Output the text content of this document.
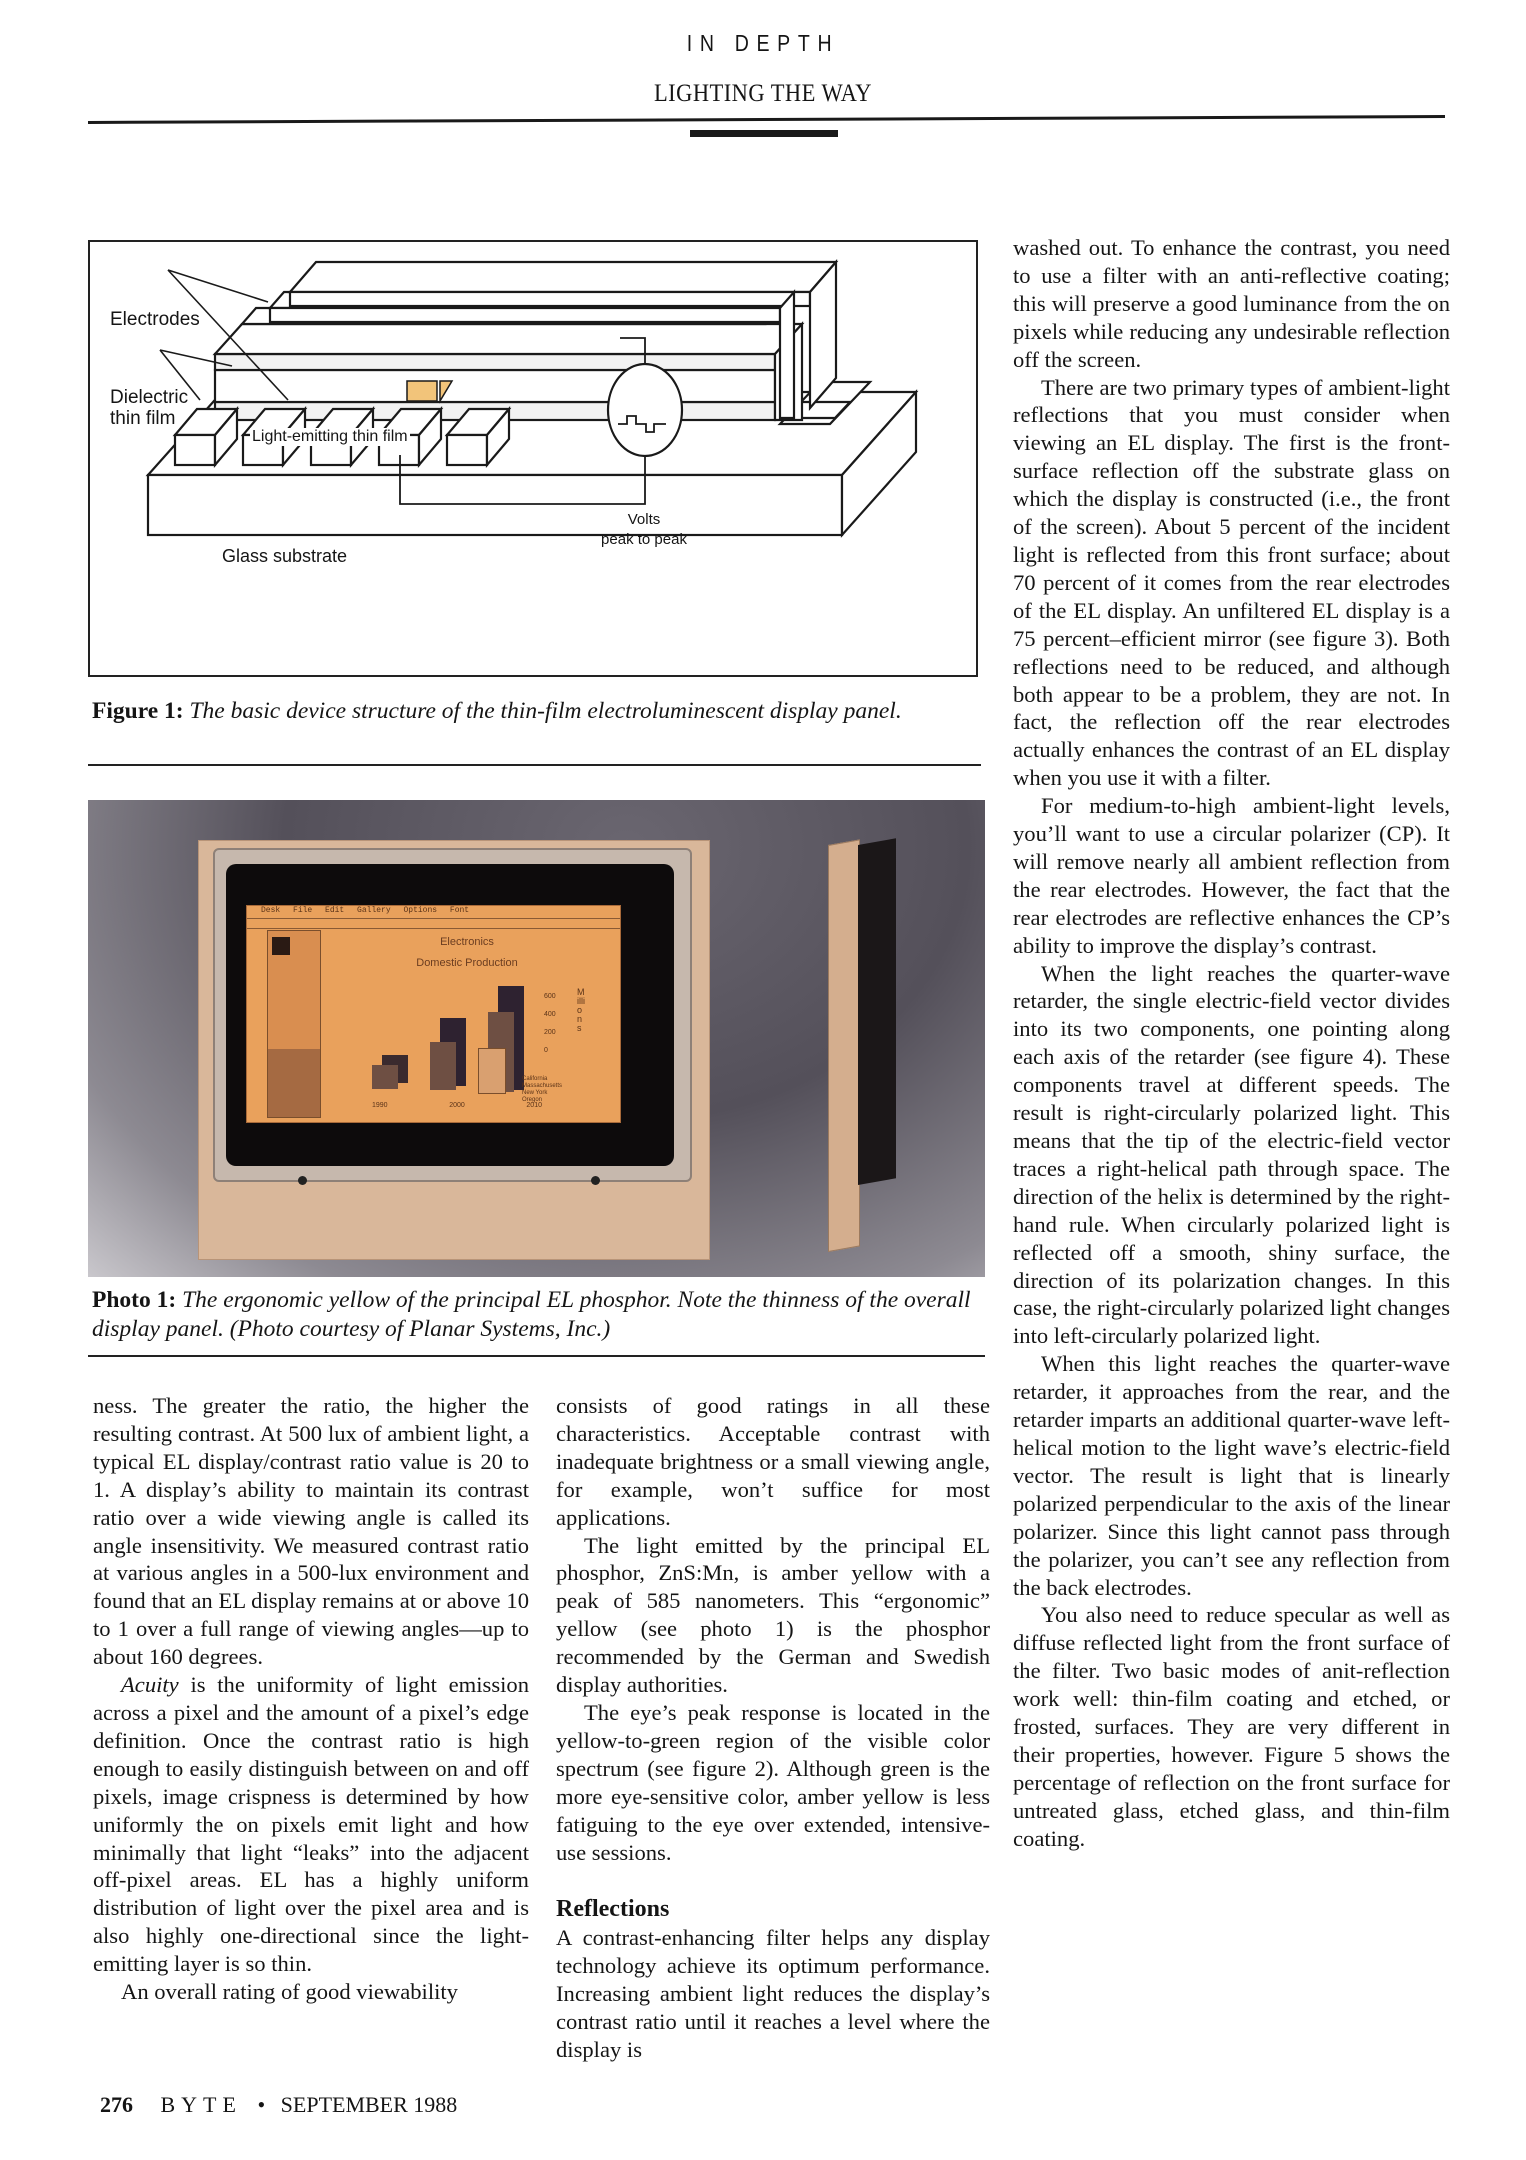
IN DEPTH
LIGHTING THE WAY
Electrodes
Dielectric
thin film
Light-emitting thin film
Glass substrate
Volts
peak to peak
Figure 1: The basic device structure of the thin-film electroluminescent display panel.
Desk File Edit Gallery Options Font
Electronics
Domestic Production
600
400
200
0
Millions
1990	2000	2010
California
Massachusetts
New York
Oregon
Photo 1: The ergonomic yellow of the principal EL phosphor. Note the thinness of the overall display panel. (Photo courtesy of Planar Systems, Inc.)

ness. The greater the ratio, the higher the resulting contrast. At 500 lux of ambient light, a typical EL display/contrast ratio value is 20 to 1. A display’s ability to maintain its contrast ratio over a wide viewing angle is called its angle insensitivity. We measured contrast ratio at various angles in a 500-lux environment and found that an EL display remains at or above 10 to 1 over a full range of viewing angles—up to about 160 degrees.

Acuity is the uniformity of light emission across a pixel and the amount of a pixel’s edge definition. Once the contrast ratio is high enough to easily distinguish between on and off pixels, image crispness is determined by how uniformly the on pixels emit light and how minimally that light “leaks” into the adjacent off-pixel areas. EL has a highly uniform distribution of light over the pixel area and is also highly one-directional since the light-emitting layer is so thin.

An overall rating of good viewability

consists of good ratings in all these characteristics. Acceptable contrast with inadequate brightness or a small viewing angle, for example, won’t suffice for most applications.

The light emitted by the principal EL phosphor, ZnS:Mn, is amber yellow with a peak of 585 nanometers. This “ergonomic” yellow (see photo 1) is the phosphor recommended by the German and Swedish display authorities.

The eye’s peak response is located in the yellow-to-green region of the visible color spectrum (see figure 2). Although green is the more eye-sensitive color, amber yellow is less fatiguing to the eye over extended, intensive-use sessions.

Reflections

A contrast-enhancing filter helps any display technology achieve its optimum performance. Increasing ambient light reduces the display’s contrast ratio until it reaches a level where the display is

washed out. To enhance the contrast, you need to use a filter with an anti-reflective coating; this will preserve a good luminance from the on pixels while reducing any undesirable reflection off the screen.

There are two primary types of ambient-light reflections that you must consider when viewing an EL display. The first is the front-surface reflection off the substrate glass on which the display is constructed (i.e., the front of the screen). About 5 percent of the incident light is reflected from this front surface; about 70 percent of it comes from the rear electrodes of the EL display. An unfiltered EL display is a 75 percent–efficient mirror (see figure 3). Both reflections need to be reduced, and although both appear to be a problem, they are not. In fact, the reflection off the rear electrodes actually enhances the contrast of an EL display when you use it with a filter.

For medium-to-high ambient-light levels, you’ll want to use a circular polarizer (CP). It will remove nearly all ambient reflection from the rear electrodes. However, the fact that the rear electrodes are reflective enhances the CP’s ability to improve the display’s contrast.

When the light reaches the quarter-wave retarder, the single electric-field vector divides into its two components, one pointing along each axis of the retarder (see figure 4). These components travel at different speeds. The result is right-circularly polarized light. This means that the tip of the electric-field vector traces a right-helical path through space. The direction of the helix is determined by the right-hand rule. When circularly polarized light is reflected off a smooth, shiny surface, the direction of its polarization changes. In this case, the right-circularly polarized light changes into left-circularly polarized light.

When this light reaches the quarter-wave retarder, it approaches from the rear, and the retarder imparts an additional quarter-wave left-helical motion to the light wave’s electric-field vector. The result is light that is linearly polarized perpendicular to the axis of the linear polarizer. Since this light cannot pass through the polarizer, you can’t see any reflection from the back electrodes.

You also need to reduce specular as well as diffuse reflected light from the front surface of the filter. Two basic modes of anit-reflection work well: thin-film coating and etched, or frosted, surfaces. They are very different in their properties, however. Figure 5 shows the percentage of reflection on the front surface for untreated glass, etched glass, and thin-film coating.

276 BYTE • SEPTEMBER 1988
